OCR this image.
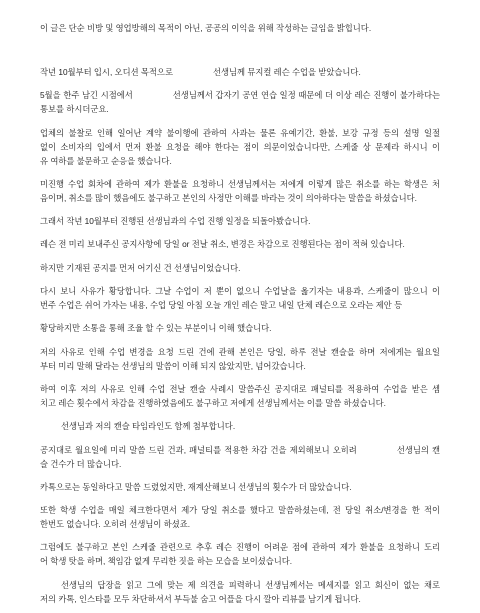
이 글은 단순 비방 및 영업방해의 목적이 아닌, 공공의 이익을 위해 작성하는 글임을 밝힙니다.
작년 10월부터 입시, 오디션 목적으로	선생님께 뮤지컬 레슨 수업을 받았습니다.
5월을 한주 남긴 시점에서	선생님께서 갑자기 공연 연습 일정 때문에 더 이상 레슨 진행이 불가하다는
통보를 하시더군요.
업체의 불찰로 인해 일어난 계약 불이행에 관하여 사과는 물론 유예기간, 환불, 보강 규정 등의 설명 일절
없이 소비자의 입에서 먼저 환불 요청을 해야 한다는 점이 의문이었습니다만, 스케줄 상 문제라 하시니 이
유 여하를 불문하고 순응을 했습니다.
미진행 수업 회차에 관하여 제가 환불을 요청하니 선생님께서는 저에게 이렇게 많은 취소를 하는 학생은 처
음이며, 취소를 많이 했음에도 불구하고 본인의 사정만 이해를 바라는 것이 의아하다는 말씀을 하셨습니다.
그래서 작년 10월부터 진행된 선생님과의 수업 진행 일정을 되돌아봤습니다.
레슨 전 미리 보내주신 공지사항에 당일 or 전날 취소, 변경은 차감으로 진행된다는 점이 적혀 있습니다.
하지만 기재된 공지를 먼저 어기신 건 선생님이었습니다.
다시 보니 사유가 황당합니다. 그날 수업이 저 뿐이 없으니 수업날을 옮기자는 내용과, 스케줄이 많으니 이
번주 수업은 쉬어 가자는 내용, 수업 당일 아침 오늘 개인 레슨 말고 내일 단체 레슨으로 오라는 제안 등
황당하지만 소통을 통해 조율 할 수 있는 부분이니 이해 했습니다.
저의 사유로 인해 수업 변경을 요청 드린 건에 관해 본인은 당일, 하루 전날 캔슬을 하며 저에게는 월요일
부터 미리 말해 달라는 선생님의 말씀이 이해 되지 않았지만, 넘어갔습니다.
하여 이후 저의 사유로 인해 수업 전날 캔슬 사례시 말씀주신 공지대로 패널티를 적용하여 수업을 받은 셈
치고 레슨 횟수에서 차감을 진행하였음에도 불구하고 저에게 선생님께서는 이를 말씀 하셨습니다.
선생님과 저의 캔슬 타임라인도 함께 첨부합니다.
공지대로 월요일에 미리 말씀 드린 건과, 패널티를 적용한 차감 건을 제외해보니 오히려	선생님의 캔
슬 건수가 더 많습니다.
카톡으로는 동일하다고 말씀 드렸었지만, 재계산해보니 선생님의 횟수가 더 많았습니다.
또한 학생 수업을 매일 체크한다면서 제가 당일 취소를 했다고 말씀하셨는데, 전 당일 취소/변경을 한 적이
한번도 없습니다. 오히려 선생님이 하셨죠.
그럼에도 불구하고 본인 스케줄 관련으로 추후 레슨 진행이 어려운 점에 관하여 제가 환불을 요청하니 도리
어 학생 탓을 하며, 책임감 없게 무리한 짓을 하는 모습을 보이셨습니다.
선생님의 답장을 읽고 그에 맞는 제 의견을 피력하니 선생님께서는 메세지를 읽고 회신이 없는 채로
저의 카톡, 인스타를 모두 차단하셔서 부득불 숨고 어플을 다시 깔아 리뷰를 남기게 됩니다.
